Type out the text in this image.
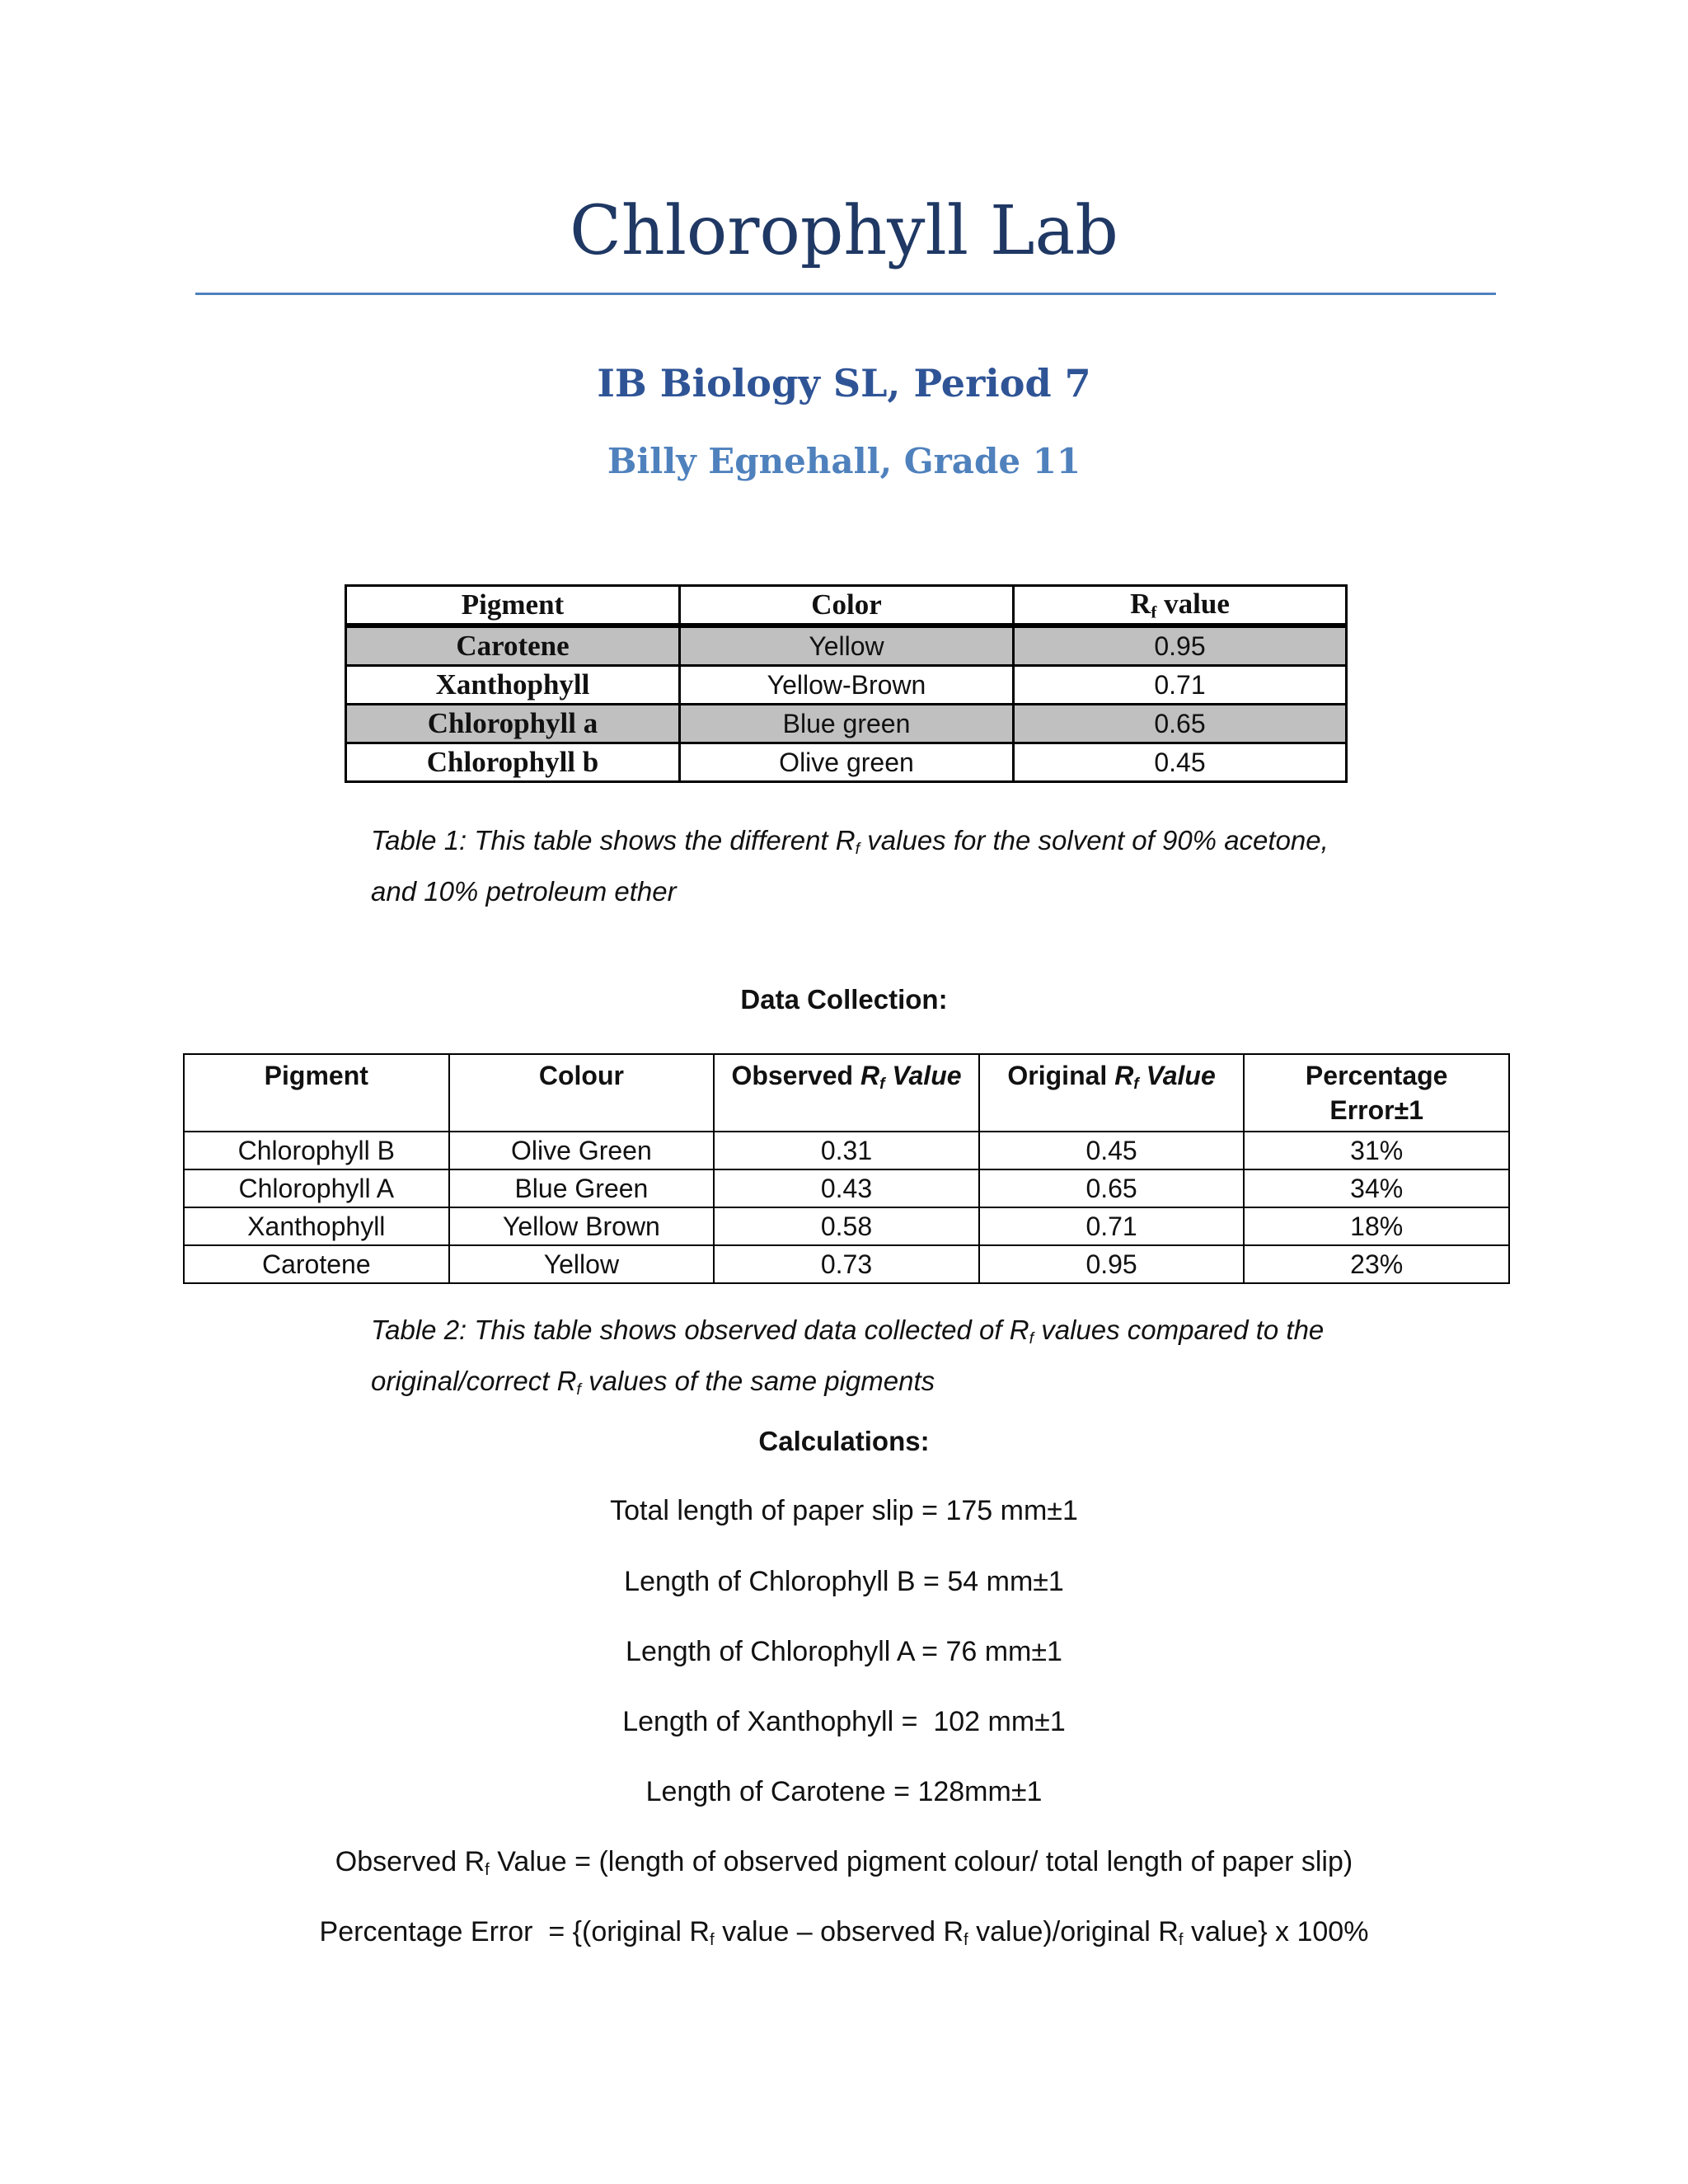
Chlorophyll Lab
IB Biology SL, Period 7
Billy Egnehall, Grade 11
Pigment	Color	$R_f$ value
Carotene	Yellow	0.95
Xanthophyll	Yellow-Brown	0.71
Chlorophyll a	Blue green	0.65
Chlorophyll b	Olive green	0.45
Table 1: This table shows the different $R_f$ values for the solvent of 90% acetone, and 10% petroleum ether
Data Collection:
Pigment	Colour	Observed $R_f$ Value	Original $R_f$ Value	Percentage Error±1
Chlorophyll B	Olive Green	0.31	0.45	31%
Chlorophyll A	Blue Green	0.43	0.65	34%
Xanthophyll	Yellow Brown	0.58	0.71	18%
Carotene	Yellow	0.73	0.95	23%
Table 2: This table shows observed data collected of $R_f$ values compared to the original/correct $R_f$ values of the same pigments
Calculations:
Total length of paper slip = 175 mm±1
Length of Chlorophyll B = 54 mm±1
Length of Chlorophyll A = 76 mm±1
Length of Xanthophyll =  102 mm±1
Length of Carotene = 128mm±1
Observed $R_f$ Value = (length of observed pigment colour/ total length of paper slip)
Percentage Error  = {(original $R_f$ value – observed $R_f$ value)/original $R_f$ value} x 100%
